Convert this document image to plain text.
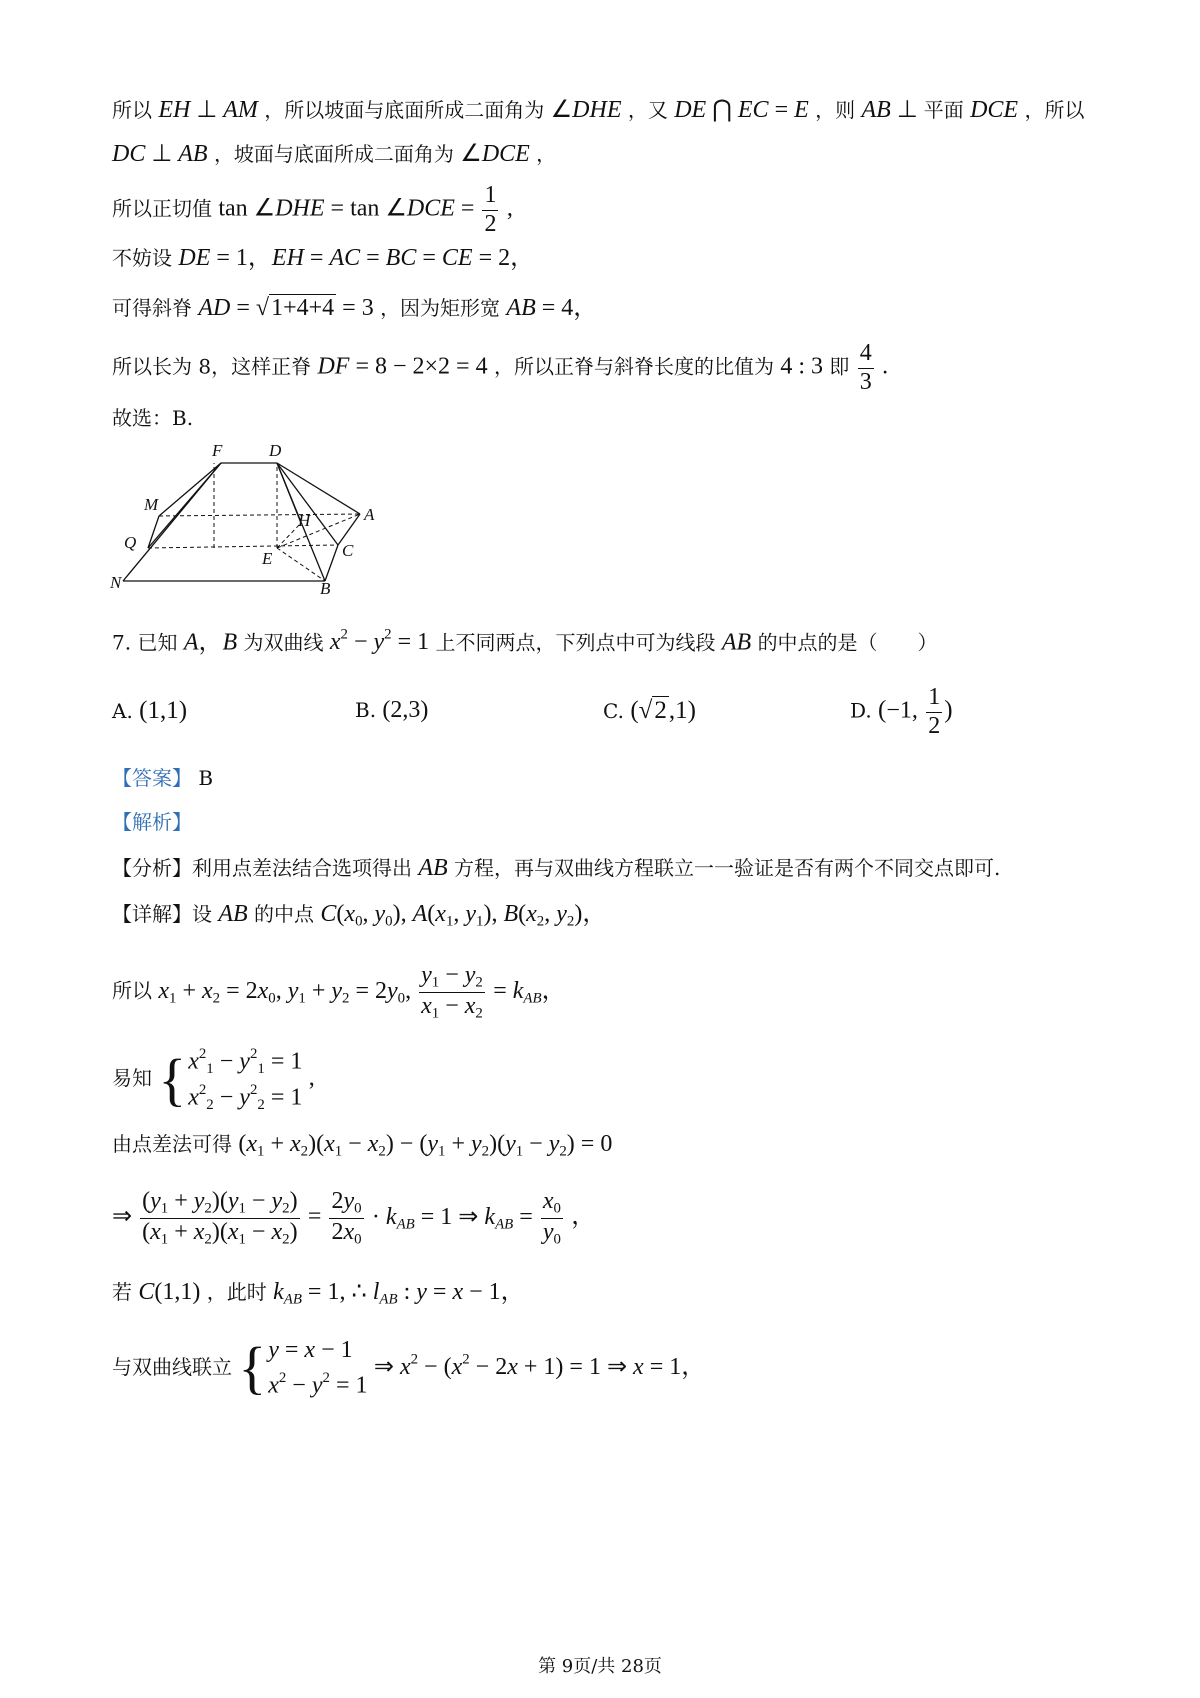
所以 EH ⊥ AM ，所以坡面与底面所成二面角为 ∠DHE ，又 DE ⋂ EC = E ，则 AB ⊥ 平面 DCE ，所以
DC ⊥ AB ，坡面与底面所成二面角为 ∠DCE ，
所以正切值 tan ∠DHE = tan ∠DCE = $\frac{1}{2}$ ,
不妨设 DE = 1，EH = AC = BC = CE = 2，
可得斜脊 AD = √1+4+4 = 3 ，因为矩形宽 AB = 4，
所以长为 8，这样正脊 DF = 8 − 2×2 = 4 ，所以正脊与斜脊长度的比值为 4 : 3 即 $\frac{4}{3}$ .
故选：B.
F	D
M
H	A
Q	C
E
N	B
7. 已知 A，B 为双曲线 $x^2 - y^2 = 1$ 上不同两点，下列点中可为线段 AB 的中点的是（　　）
A. (1,1)	B. (2,3)	C. (√2,1)	D. (−1, $\frac{1}{2}$ )
【答案】 B
【解析】
【分析】利用点差法结合选项得出 AB 方程，再与双曲线方程联立一一验证是否有两个不同交点即可.
【详解】设 AB 的中点 $C(x_0$, $y_0$), $A(x_1$, $y_1$), $B(x_2$, $y_2$)，
所以 $x_1 + x_2 = 2x_0$, $y_1 + y_2 = 2y_0$, $\frac{y_1 - y_2}{x_1 - x_2} = k_{AB}$，
易知 { $x^2_1 - y^2_1 = 1$
$x^2_2 - y^2_2 = 1$
,
由点差法可得 $(x_1 + x_2)(x_1 - x_2) - (y_1 + y_2)(y_1 - y_2) = 0$
⇒ $\frac{(y_1 + y_2)(y_1 - y_2)}{(x_1 + x_2)(x_1 - x_2)} = \frac{2y_0}{2x_0} \cdot k_{AB} = 1$ ⇒ $k_{AB} = \frac{x_0}{y_0}$ ，
若 C(1,1) ，此时 $k_{AB} = 1$, ∴ $l_{AB}$ : y = x − 1，
与双曲线联立 { y = x − 1
$x^2 - y^2 = 1$
⇒ $x^2 - (x^2 - 2x + 1) = 1$ ⇒ x = 1，
第 9页/共 28页
